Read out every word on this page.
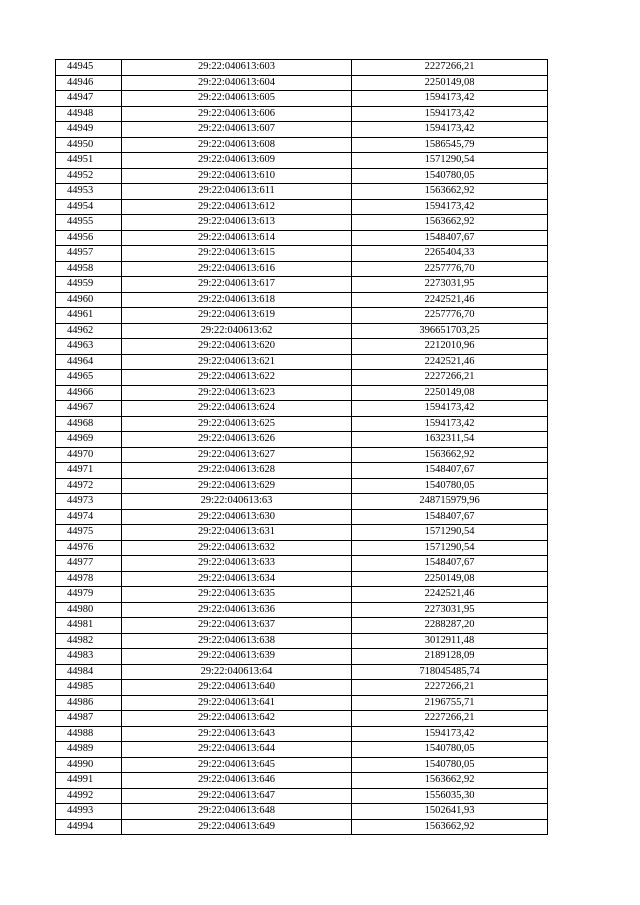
44945	29:22:040613:603	2227266,21
44946	29:22:040613:604	2250149,08
44947	29:22:040613:605	1594173,42
44948	29:22:040613:606	1594173,42
44949	29:22:040613:607	1594173,42
44950	29:22:040613:608	1586545,79
44951	29:22:040613:609	1571290,54
44952	29:22:040613:610	1540780,05
44953	29:22:040613:611	1563662,92
44954	29:22:040613:612	1594173,42
44955	29:22:040613:613	1563662,92
44956	29:22:040613:614	1548407,67
44957	29:22:040613:615	2265404,33
44958	29:22:040613:616	2257776,70
44959	29:22:040613:617	2273031,95
44960	29:22:040613:618	2242521,46
44961	29:22:040613:619	2257776,70
44962	29:22:040613:62	396651703,25
44963	29:22:040613:620	2212010,96
44964	29:22:040613:621	2242521,46
44965	29:22:040613:622	2227266,21
44966	29:22:040613:623	2250149,08
44967	29:22:040613:624	1594173,42
44968	29:22:040613:625	1594173,42
44969	29:22:040613:626	1632311,54
44970	29:22:040613:627	1563662,92
44971	29:22:040613:628	1548407,67
44972	29:22:040613:629	1540780,05
44973	29:22:040613:63	248715979,96
44974	29:22:040613:630	1548407,67
44975	29:22:040613:631	1571290,54
44976	29:22:040613:632	1571290,54
44977	29:22:040613:633	1548407,67
44978	29:22:040613:634	2250149,08
44979	29:22:040613:635	2242521,46
44980	29:22:040613:636	2273031,95
44981	29:22:040613:637	2288287,20
44982	29:22:040613:638	3012911,48
44983	29:22:040613:639	2189128,09
44984	29:22:040613:64	718045485,74
44985	29:22:040613:640	2227266,21
44986	29:22:040613:641	2196755,71
44987	29:22:040613:642	2227266,21
44988	29:22:040613:643	1594173,42
44989	29:22:040613:644	1540780,05
44990	29:22:040613:645	1540780,05
44991	29:22:040613:646	1563662,92
44992	29:22:040613:647	1556035,30
44993	29:22:040613:648	1502641,93
44994	29:22:040613:649	1563662,92
